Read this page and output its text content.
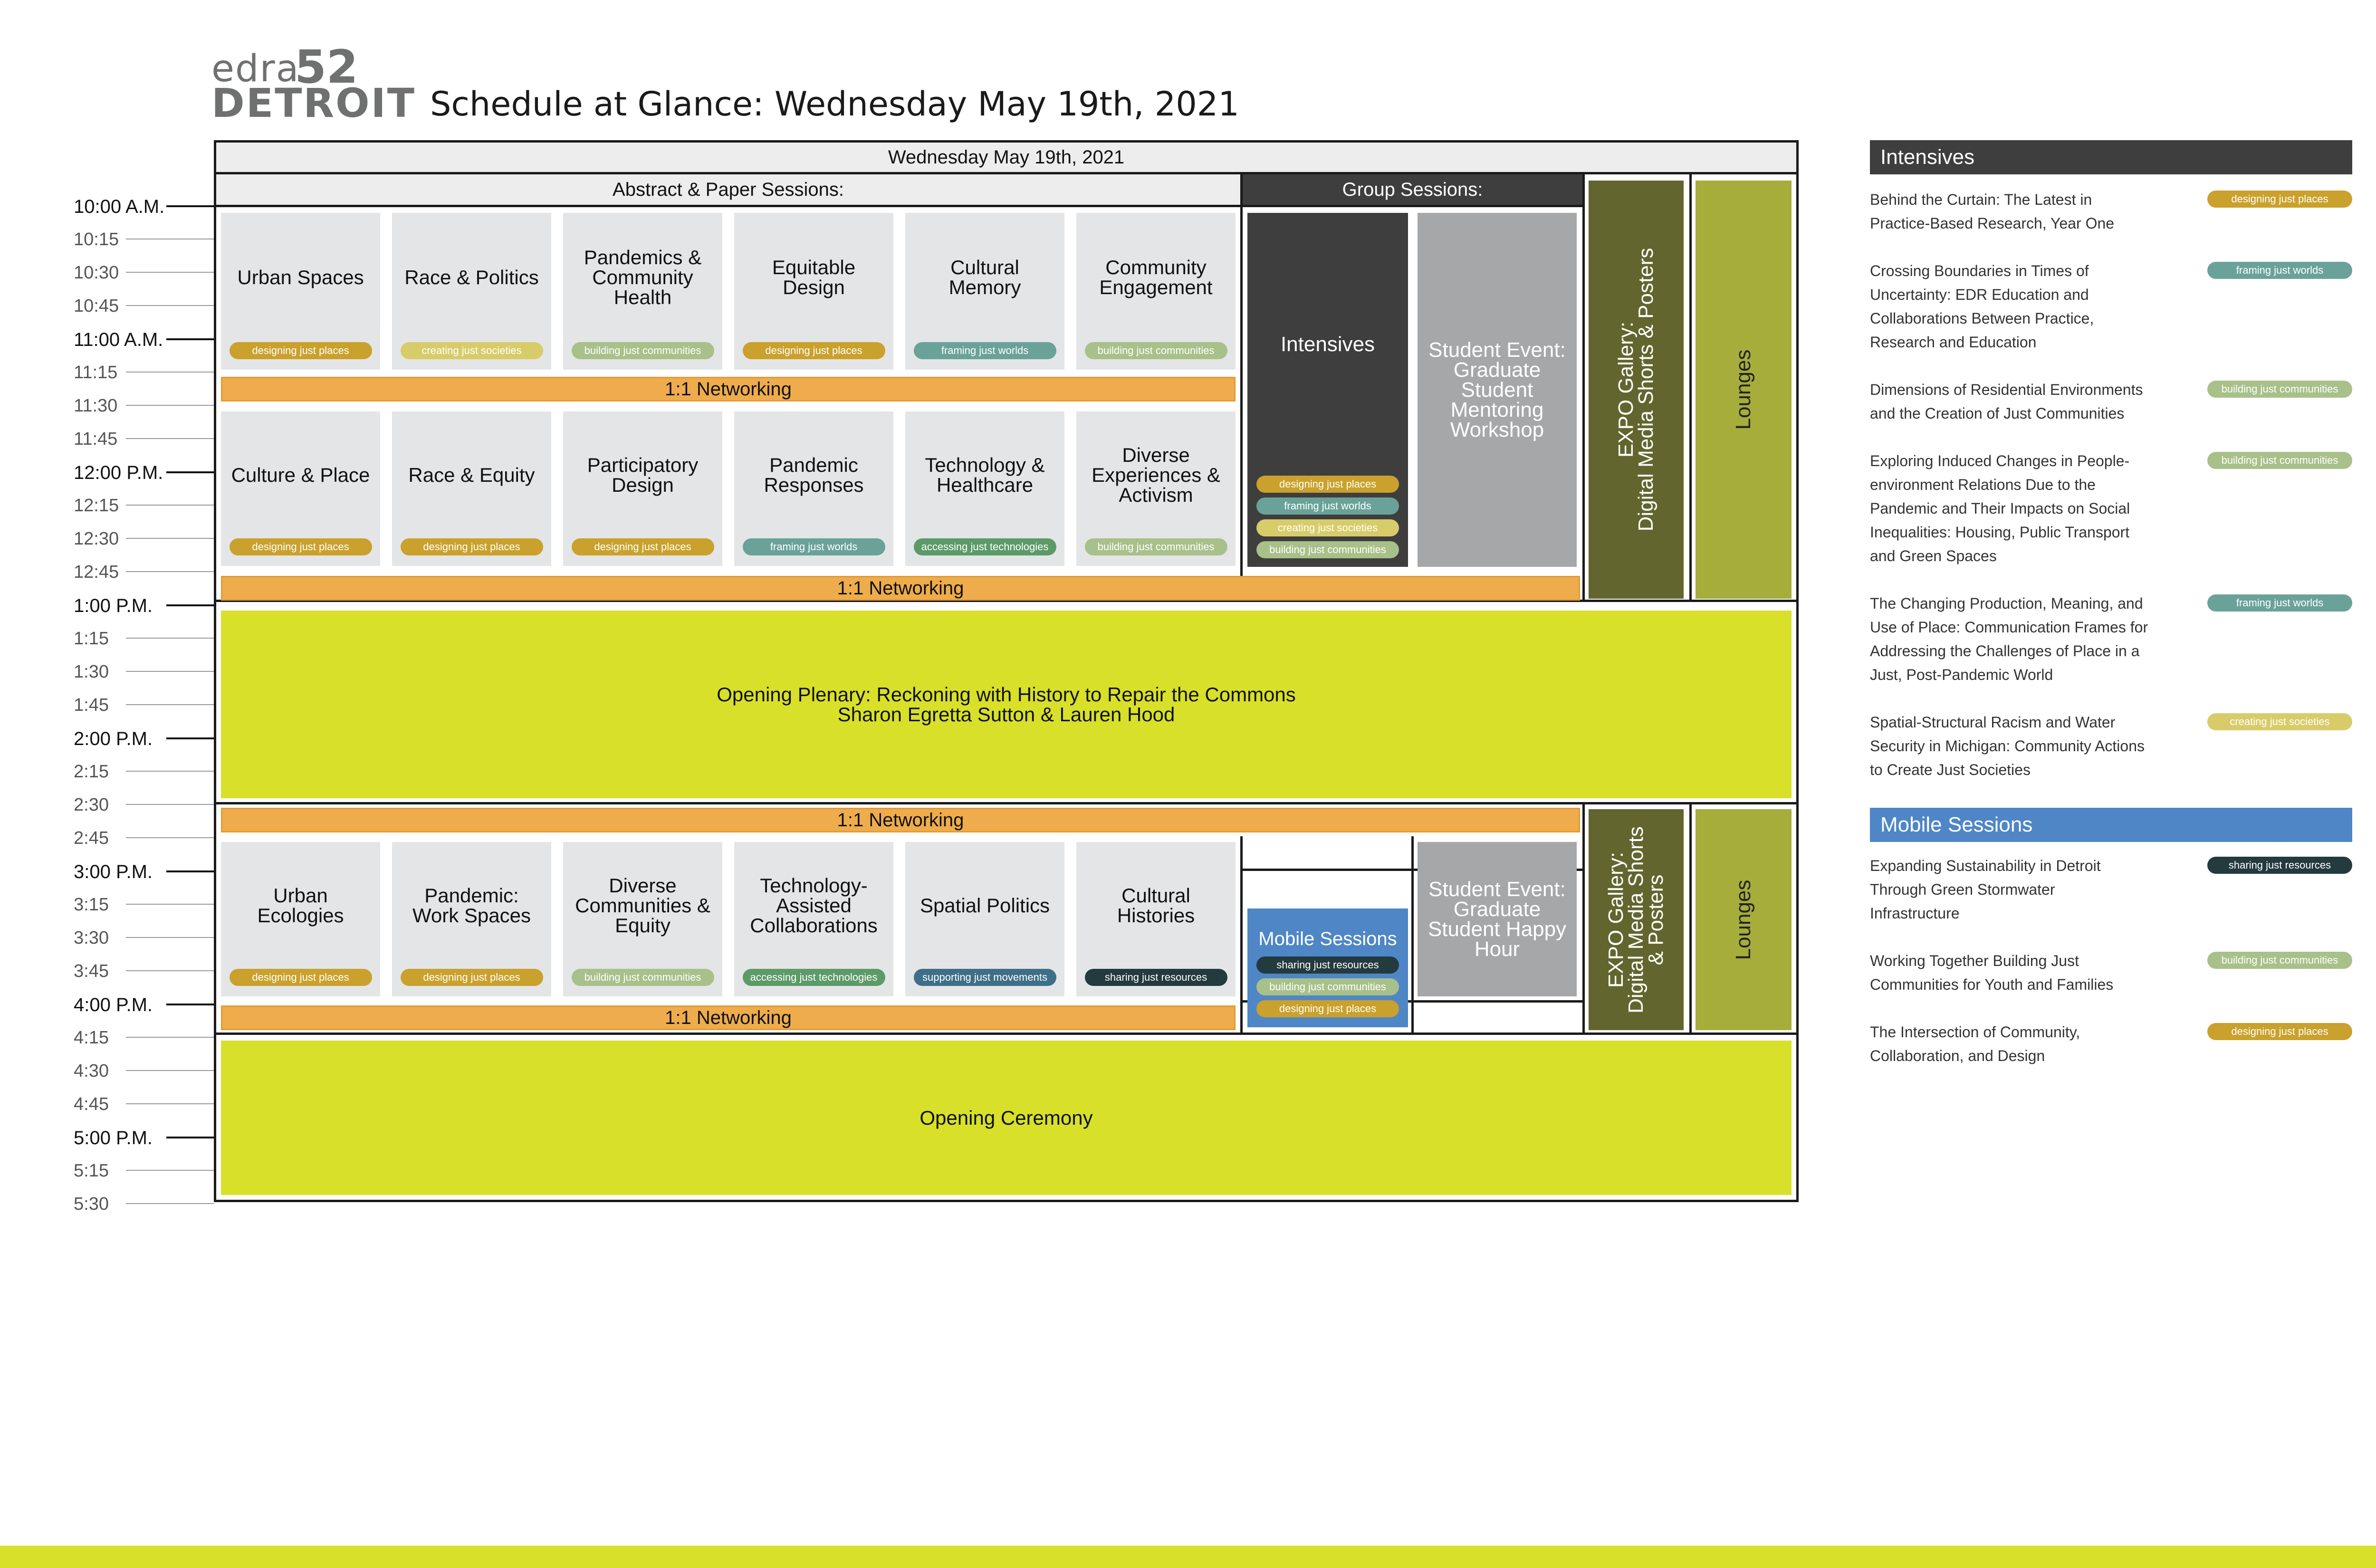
edra
52
DETROIT Schedule at Glance: Wednesday May 19th, 2021
10:00 A.M.
10:15
10:30
10:45
11:00 A.M.
11:15
11:30
11:45
12:00 P.M.
12:15
12:30
12:45
1:00 P.M.
1:15
1:30
1:45
2:00 P.M.
2:15
2:30
2:45
3:00 P.M.
3:15
3:30
3:45
4:00 P.M.
4:15
4:30
4:45
5:00 P.M.
5:15
5:30
Wednesday May 19th, 2021
Abstract & Paper Sessions:	Group Sessions:
Urban Spaces
designing just places
Race & Politics
creating just societies
Pandemics &
Community
Health
building just communities
Equitable
Design
designing just places
Cultural
Memory
framing just worlds
Community
Engagement
building just communities
Culture & Place
designing just places
Race & Equity
designing just places
Participatory
Design
designing just places
Pandemic
Responses
framing just worlds
Technology &
Healthcare
accessing just technologies
Diverse
Experiences &
Activism
building just communities
Urban
Ecologies
designing just places
Pandemic:
Work Spaces
designing just places
Diverse
Communities &
Equity
building just communities
Technology-
Assisted
Collaborations
accessing just technologies
Spatial Politics
supporting just movements
Cultural
Histories
sharing just resources
1:1 Networking
1:1 Networking
1:1 Networking
1:1 Networking
Intensives
designing just places
framing just worlds
creating just societies
building just communities
Student Event:
Graduate
Student
Mentoring
Workshop
Student Event:
Graduate
Student Happy
Hour
EXPO Gallery:
Digital Media Shorts & Posters
Lounges
EXPO Gallery:
Digital Media Shorts
& Posters	Lounges
Opening Plenary: Reckoning with History to Repair the Commons
Sharon Egretta Sutton & Lauren Hood
Opening Ceremony
Mobile Sessions
sharing just resources
building just communities
designing just places
Intensives
Behind the Curtain: The Latest in
Practice-Based Research, Year One
designing just places
Crossing Boundaries in Times of
Uncertainty: EDR Education and
Collaborations Between Practice,
Research and Education
framing just worlds
Dimensions of Residential Environments
and the Creation of Just Communities
building just communities
Exploring Induced Changes in People-
environment Relations Due to the
Pandemic and Their Impacts on Social
Inequalities: Housing, Public Transport
and Green Spaces
building just communities
The Changing Production, Meaning, and
Use of Place: Communication Frames for
Addressing the Challenges of Place in a
Just, Post-Pandemic World
framing just worlds
Spatial-Structural Racism and Water
Security in Michigan: Community Actions
to Create Just Societies
creating just societies
Mobile Sessions
Expanding Sustainability in Detroit
Through Green Stormwater
Infrastructure
sharing just resources
Working Together Building Just
Communities for Youth and Families
building just communities
The Intersection of Community,
Collaboration, and Design
designing just places
